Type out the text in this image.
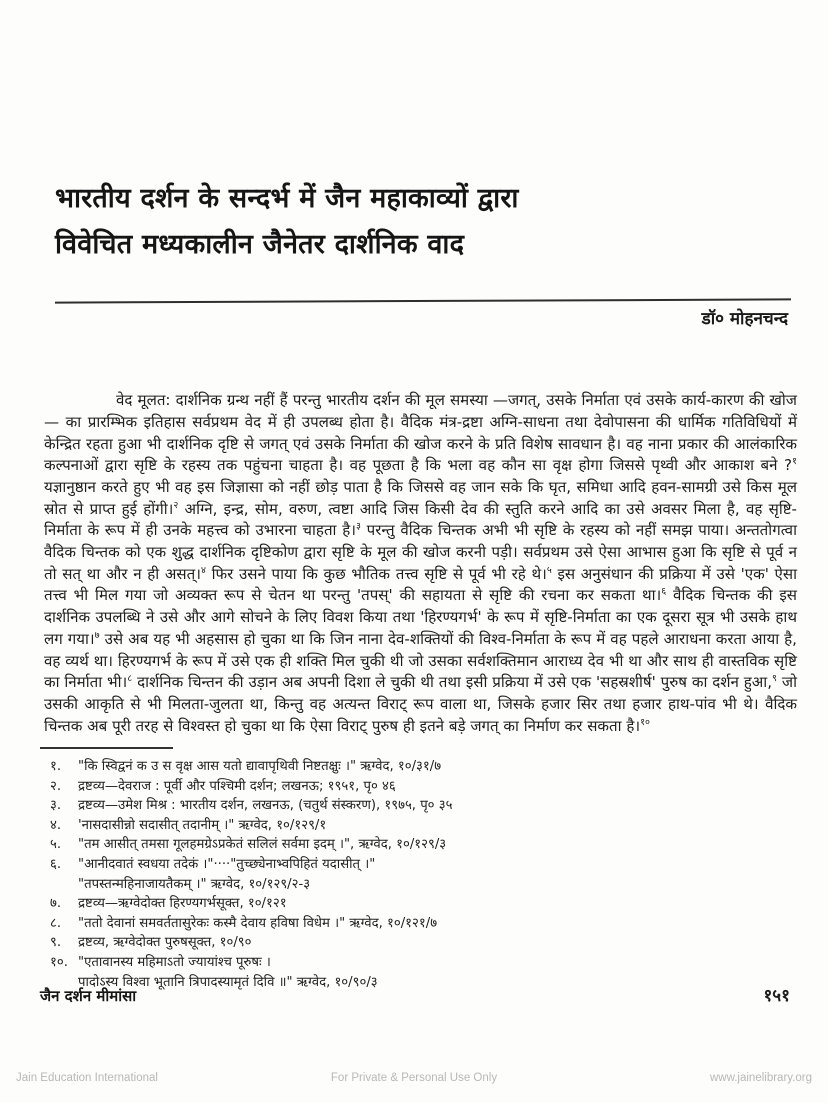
भारतीय दर्शन के सन्दर्भ में जैन महाकाव्यों द्वारा
विवेचित मध्यकालीन जैनेतर दार्शनिक वाद
डॉ० मोहनचन्द

वेद मूलत: दार्शनिक ग्रन्थ नहीं हैं परन्तु भारतीय दर्शन की मूल समस्या —जगत्, उसके निर्माता एवं उसके कार्य-कारण की खोज— का प्रारम्भिक इतिहास सर्वप्रथम वेद में ही उपलब्ध होता है। वैदिक मंत्र-द्रष्टा अग्नि-साधना तथा देवोपासना की धार्मिक गतिविधियों में केन्द्रित रहता हुआ भी दार्शनिक दृष्टि से जगत् एवं उसके निर्माता की खोज करने के प्रति विशेष सावधान है। वह नाना प्रकार की आलंकारिक कल्पनाओं द्वारा सृष्टि के रहस्य तक पहुंचना चाहता है। वह पूछता है कि भला वह कौन सा वृक्ष होगा जिससे पृथ्वी और आकाश बने ?$^१$ यज्ञानुष्ठान करते हुए भी वह इस जिज्ञासा को नहीं छोड़ पाता है कि जिससे वह जान सके कि घृत, समिधा आदि हवन-सामग्री उसे किस मूल स्रोत से प्राप्त हुई होंगी।$^२$ अग्नि, इन्द्र, सोम, वरुण, त्वष्टा आदि जिस किसी देव की स्तुति करने आदि का उसे अवसर मिला है, वह सृष्टि-निर्माता के रूप में ही उनके महत्त्व को उभारना चाहता है।$^३$ परन्तु वैदिक चिन्तक अभी भी सृष्टि के रहस्य को नहीं समझ पाया। अन्ततोगत्वा वैदिक चिन्तक को एक शुद्ध दार्शनिक दृष्टिकोण द्वारा सृष्टि के मूल की खोज करनी पड़ी। सर्वप्रथम उसे ऐसा आभास हुआ कि सृष्टि से पूर्व न तो सत् था और न ही असत्।$^४$ फिर उसने पाया कि कुछ भौतिक तत्त्व सृष्टि से पूर्व भी रहे थे।$^५$ इस अनुसंधान की प्रक्रिया में उसे 'एक' ऐसा तत्त्व भी मिल गया जो अव्यक्त रूप से चेतन था परन्तु 'तपस्' की सहायता से सृष्टि की रचना कर सकता था।$^६$ वैदिक चिन्तक की इस दार्शनिक उपलब्धि ने उसे और आगे सोचने के लिए विवश किया तथा 'हिरण्यगर्भ' के रूप में सृष्टि-निर्माता का एक दूसरा सूत्र भी उसके हाथ लग गया।$^७$ उसे अब यह भी अहसास हो चुका था कि जिन नाना देव-शक्तियों की विश्व-निर्माता के रूप में वह पहले आराधना करता आया है, वह व्यर्थ था। हिरण्यगर्भ के रूप में उसे एक ही शक्ति मिल चुकी थी जो उसका सर्वशक्तिमान आराध्य देव भी था और साथ ही वास्तविक सृष्टि का निर्माता भी।$^८$ दार्शनिक चिन्तन की उड़ान अब अपनी दिशा ले चुकी थी तथा इसी प्रक्रिया में उसे एक 'सहस्रशीर्ष' पुरुष का दर्शन हुआ,$^९$ जो उसकी आकृति से भी मिलता-जुलता था, किन्तु वह अत्यन्त विराट् रूप वाला था, जिसके हजार सिर तथा हजार हाथ-पांव भी थे। वैदिक चिन्तक अब पूरी तरह से विश्वस्त हो चुका था कि ऐसा विराट् पुरुष ही इतने बड़े जगत् का निर्माण कर सकता है।$^{१०}$

१.	"कि स्विद्वनं क उ स वृक्ष आस यतो द्यावापृथिवी निष्टतक्षुः ।" ऋग्वेद, १०/३१/७
२.	द्रष्टव्य—देवराज : पूर्वी और पश्चिमी दर्शन; लखनऊ; १९५१, पृ० ४६
३.	द्रष्टव्य—उमेश मिश्र : भारतीय दर्शन, लखनऊ, (चतुर्थ संस्करण), १९७५, पृ० ३५
४.	'नासदासीन्नो सदासीत् तदानीम् ।" ऋग्वेद, १०/१२९/१
५.	"तम आसीत् तमसा गूलहमग्रेऽप्रकेतं सलिलं सर्वमा इदम् ।", ऋग्वेद, १०/१२९/३
६.	"आनीदवातं स्वधया तदेकं ।"····"तुच्छ्येनाभ्वपिहितं यदासीत् ।"
"तपस्तन्महिनाजायतैकम् ।" ऋग्वेद, १०/१२९/२-३
७.	द्रष्टव्य—ऋग्वेदोक्त हिरण्यगर्भसूक्त, १०/१२१
८.	"ततो देवानां समवर्ततासुरेकः कस्मै देवाय हविषा विधेम ।" ऋग्वेद, १०/१२१/७
९.	द्रष्टव्य, ऋग्वेदोक्त पुरुषसूक्त, १०/९०
१०. "एतावानस्य महिमाऽतो ज्यायांश्च पूरुषः ।
पादोऽस्य विश्वा भूतानि त्रिपादस्यामृतं दिवि ॥" ऋग्वेद, १०/९०/३
जैन दर्शन मीमांसा	१५१
For Private & Personal Use Only
Jain Education International	www.jainelibrary.org
